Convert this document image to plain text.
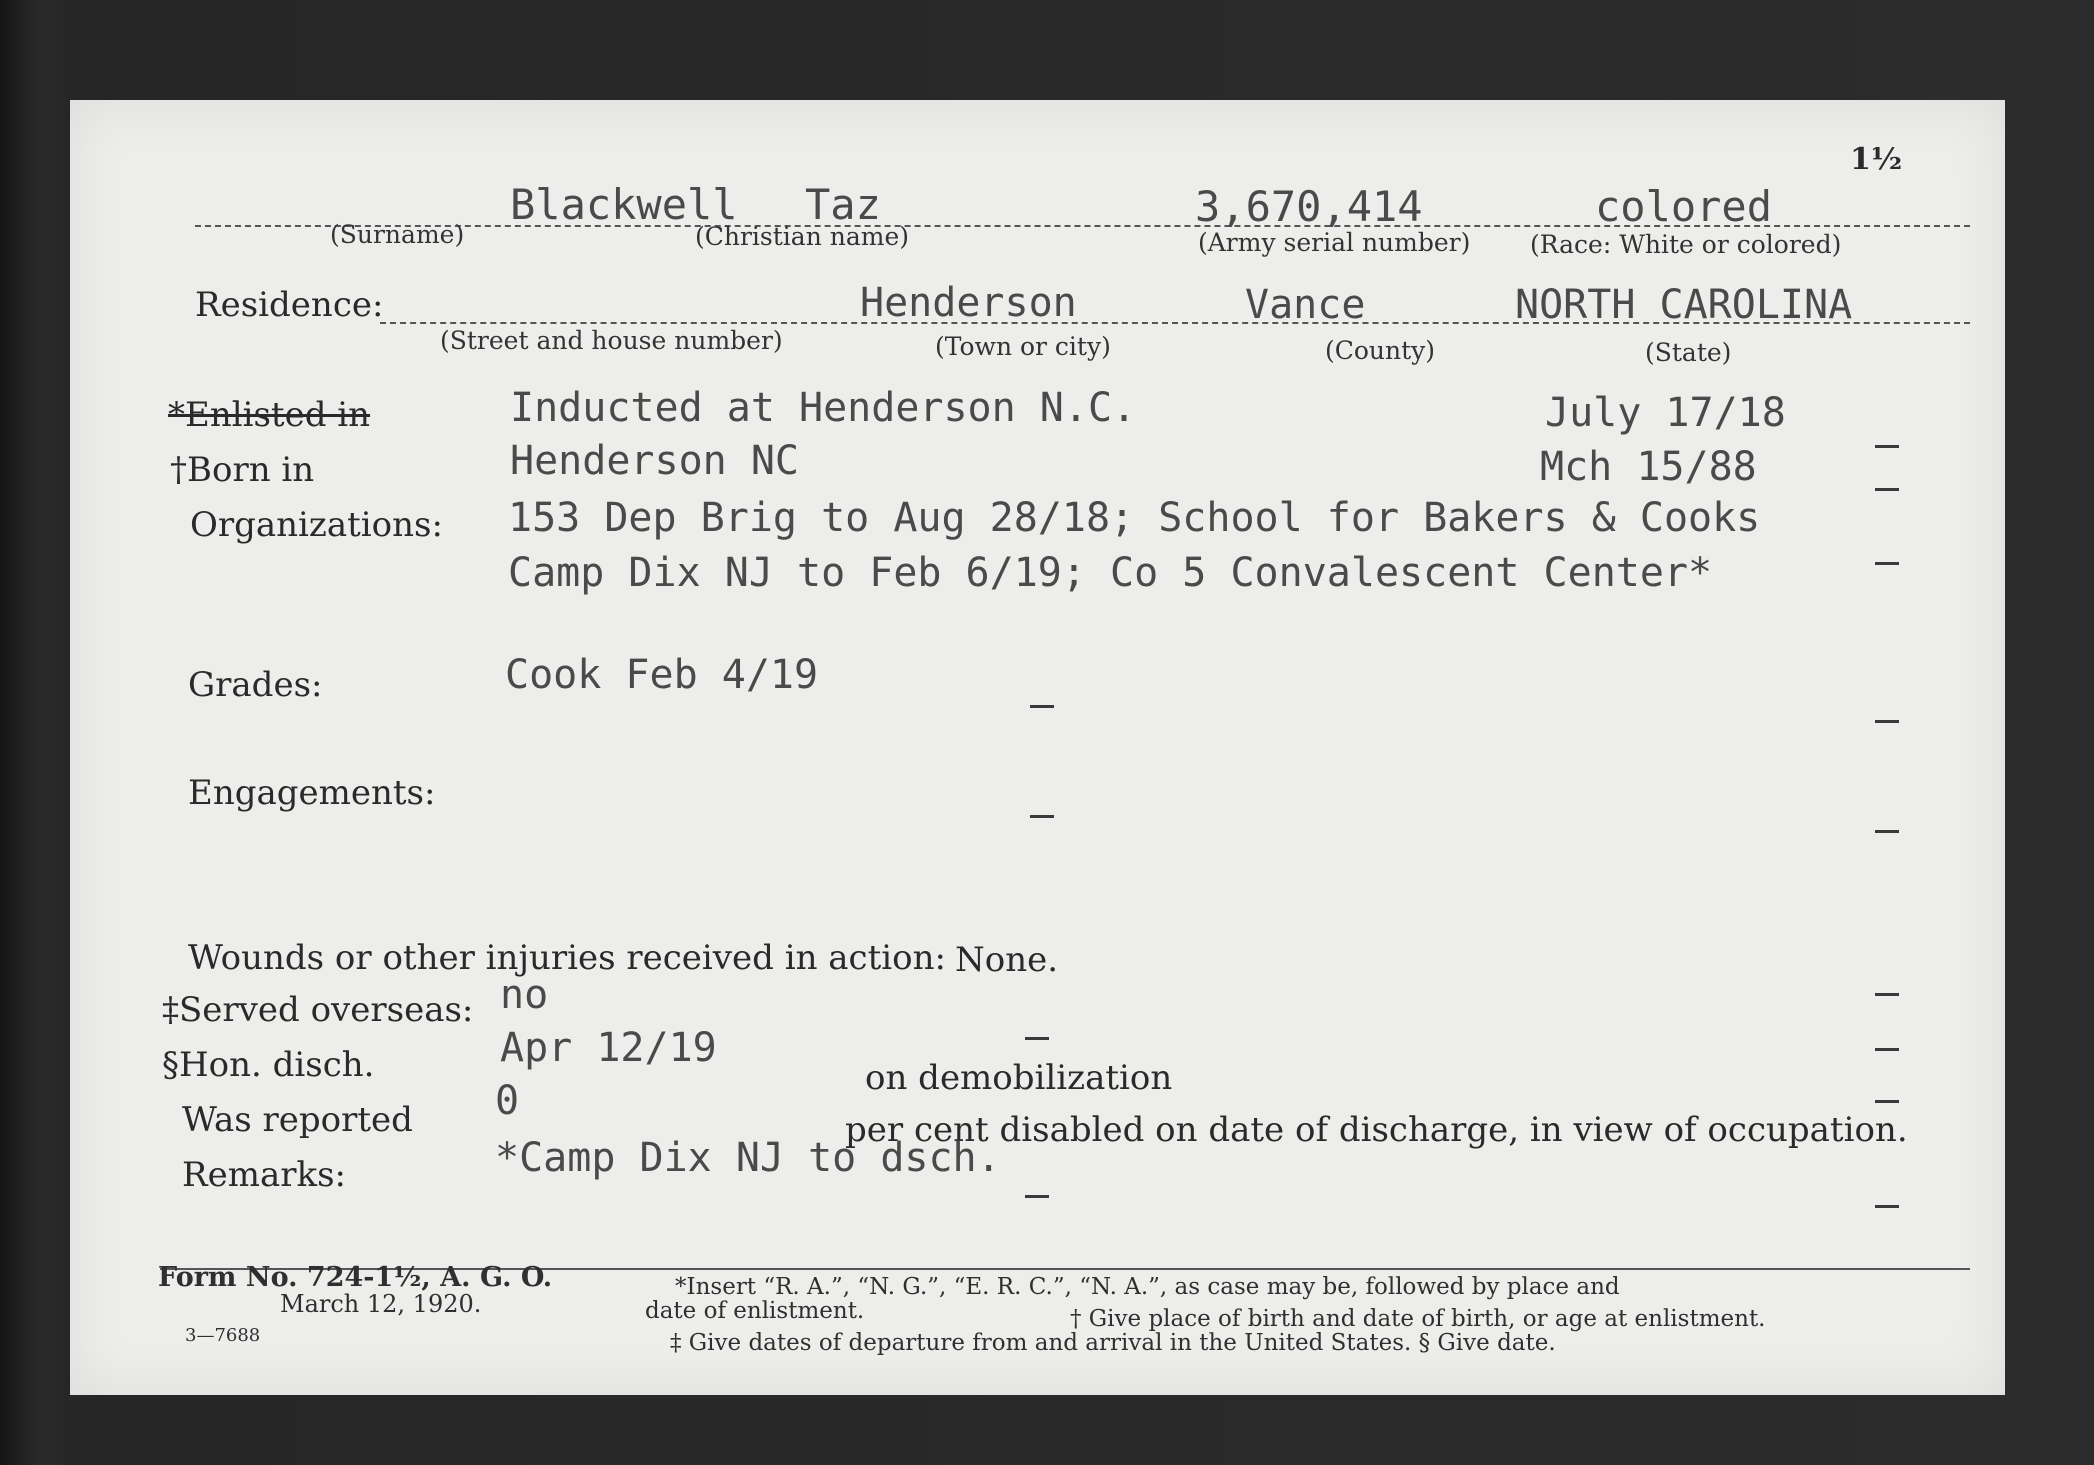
1½
Blackwell Taz	3,670,414	colored
(Surname)	(Christian name)	(Army serial number) (Race: White or colored)
Residence:	Henderson	Vance	NORTH CAROLINA
(Street and house number)	(Town or city)	(County)	(State)
*Enlisted in	Inducted at Henderson N.C.	July 17/18
†Born in	Henderson NC	Mch 15/88
Organizations: 153 Dep Brig to Aug 28/18; School for Bakers & Cooks
Camp Dix NJ to Feb 6/19; Co 5 Convalescent Center*
Grades:	Cook Feb 4/19
Engagements:
Wounds or other injuries received in action: None.
‡Served overseas: no
§Hon. disch.	Apr 12/19
on demobilization
Was reported 0
per cent disabled on date of discharge, in view of occupation.
Remarks:	*Camp Dix NJ to dsch.
Form No. 724-1½, A. G. O.
March 12, 1920.
3—7688
*Insert “R. A.”, “N. G.”, “E. R. C.”, “N. A.”, as case may be, followed by place and
date of enlistment.	† Give place of birth and date of birth, or age at enlistment.
‡ Give dates of departure from and arrival in the United States. § Give date.
